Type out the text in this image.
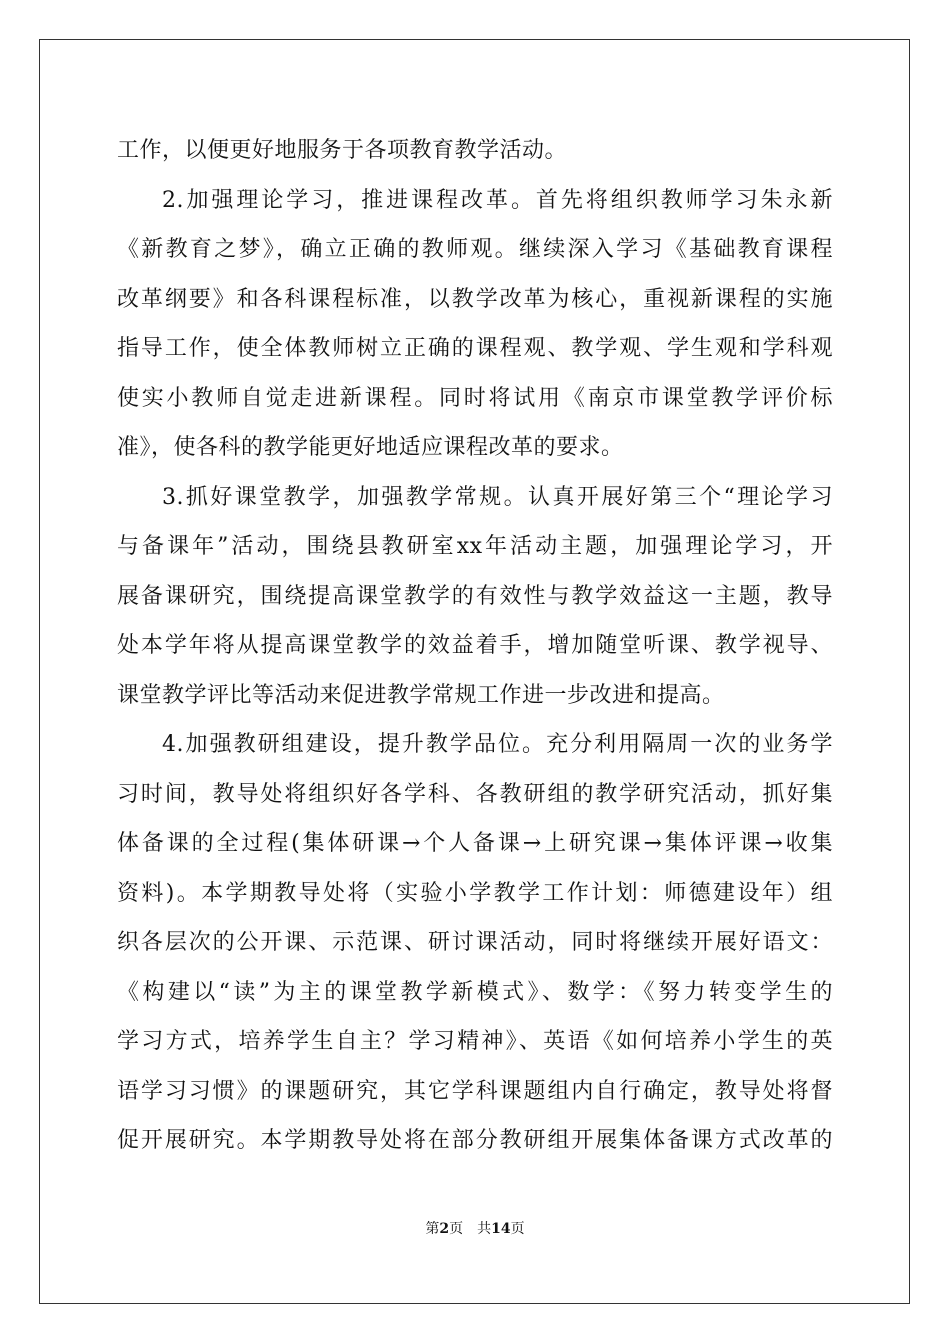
工作，以便更好地服务于各项教育教学活动。
2.加强理论学习，推进课程改革。首先将组织教师学习朱永新
《新教育之梦》，确立正确的教师观。继续深入学习《基础教育课程
改革纲要》和各科课程标准，以教学改革为核心，重视新课程的实施
指导工作，使全体教师树立正确的课程观、教学观、学生观和学科观
使实小教师自觉走进新课程。同时将试用《南京市课堂教学评价标
准》，使各科的教学能更好地适应课程改革的要求。
3.抓好课堂教学，加强教学常规。认真开展好第三个“理论学习
与备课年”活动，围绕县教研室xx年活动主题，加强理论学习，开
展备课研究，围绕提高课堂教学的有效性与教学效益这一主题，教导
处本学年将从提高课堂教学的效益着手，增加随堂听课、教学视导、
课堂教学评比等活动来促进教学常规工作进一步改进和提高。
4.加强教研组建设，提升教学品位。充分利用隔周一次的业务学
习时间，教导处将组织好各学科、各教研组的教学研究活动，抓好集
体备课的全过程(集体研课→个人备课→上研究课→集体评课→收集
资料)。本学期教导处将（实验小学教学工作计划：师德建设年）组
织各层次的公开课、示范课、研讨课活动，同时将继续开展好语文：
《构建以“读”为主的课堂教学新模式》、数学：《努力转变学生的
学习方式，培养学生自主？学习精神》、英语《如何培养小学生的英
语学习习惯》的课题研究，其它学科课题组内自行确定，教导处将督
促开展研究。本学期教导处将在部分教研组开展集体备课方式改革的
第2页　共14页
